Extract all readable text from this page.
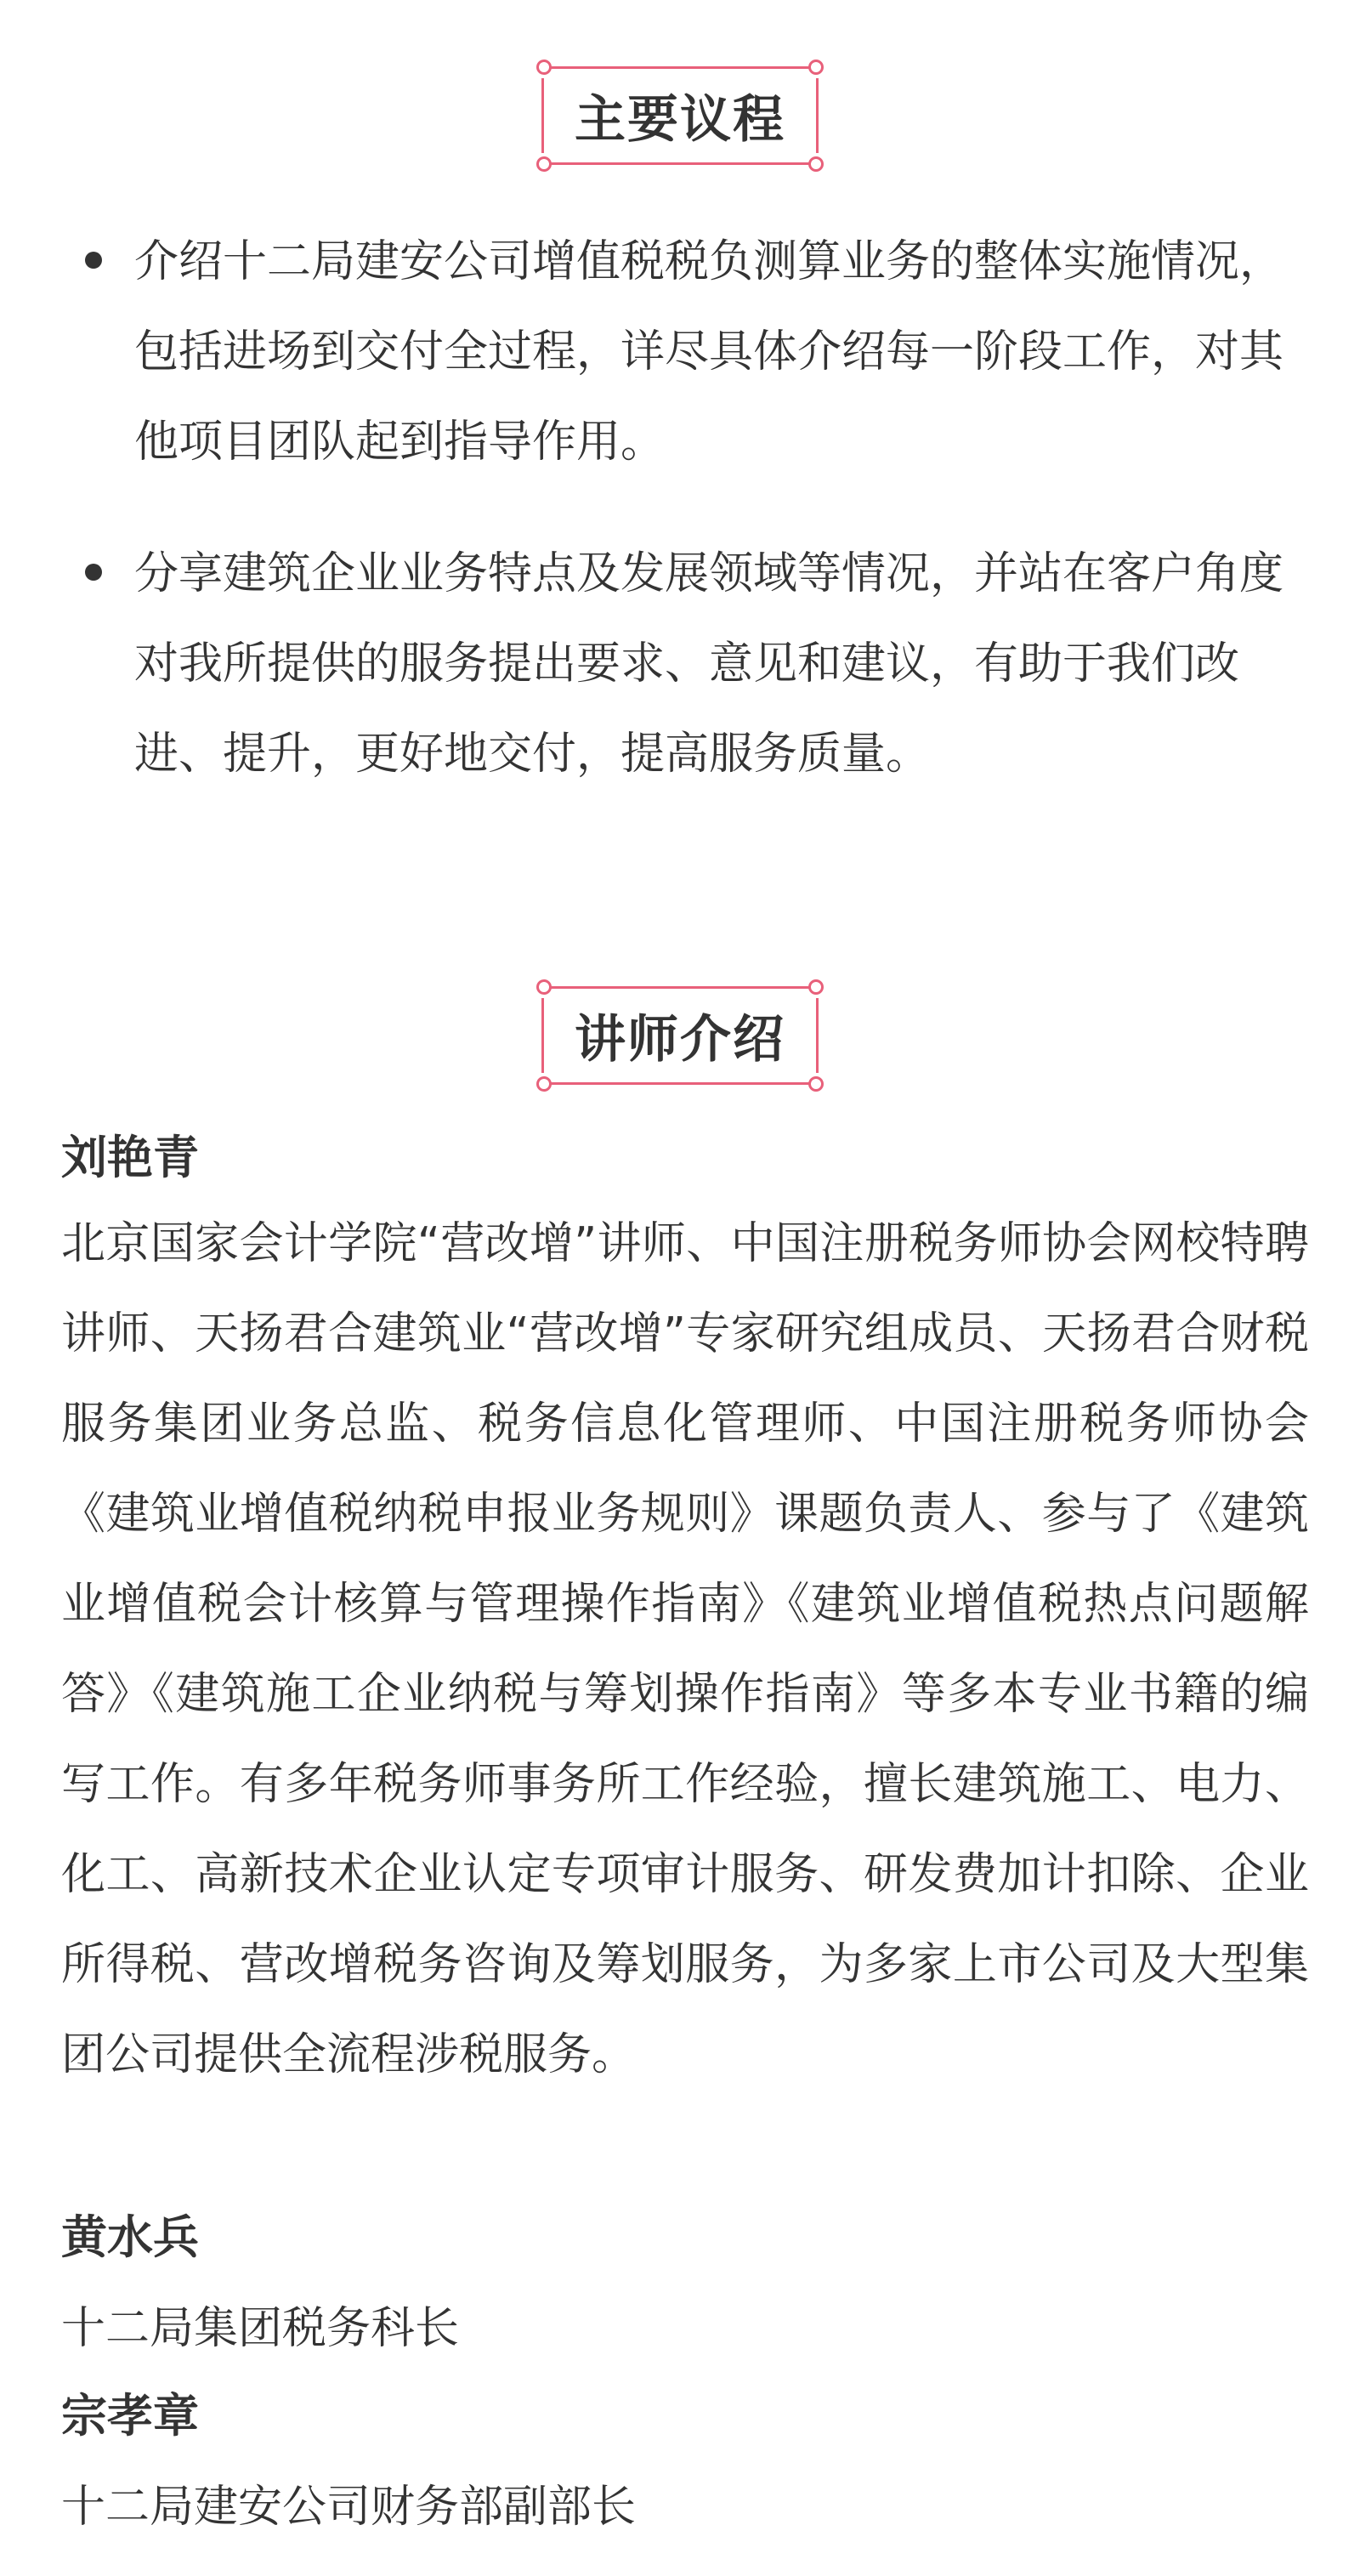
主要议程
介绍十二局建安公司增值税税负测算业务的整体实施情况，包括进场到交付全过程，详尽具体介绍每一阶段工作，对其他项目团队起到指导作用。
分享建筑企业业务特点及发展领域等情况，并站在客户角度对我所提供的服务提出要求、意见和建议，有助于我们改进、提升，更好地交付，提高服务质量。
讲师介绍
刘艳青
北京国家会计学院“营改增”讲师、中国注册税务师协会网校特聘讲师、天扬君合建筑业“营改增”专家研究组成员、天扬君合财税服务集团业务总监、税务信息化管理师、中国注册税务师协会《建筑业增值税纳税申报业务规则》课题负责人、参与了《建筑业增值税会计核算与管理操作指南》《建筑业增值税热点问题解答》《建筑施工企业纳税与筹划操作指南》等多本专业书籍的编写工作。有多年税务师事务所工作经验，擅长建筑施工、电力、化工、高新技术企业认定专项审计服务、研发费加计扣除、企业所得税、营改增税务咨询及筹划服务，为多家上市公司及大型集团公司提供全流程涉税服务。
黄水兵
十二局集团税务科长
宗孝章
十二局建安公司财务部副部长
